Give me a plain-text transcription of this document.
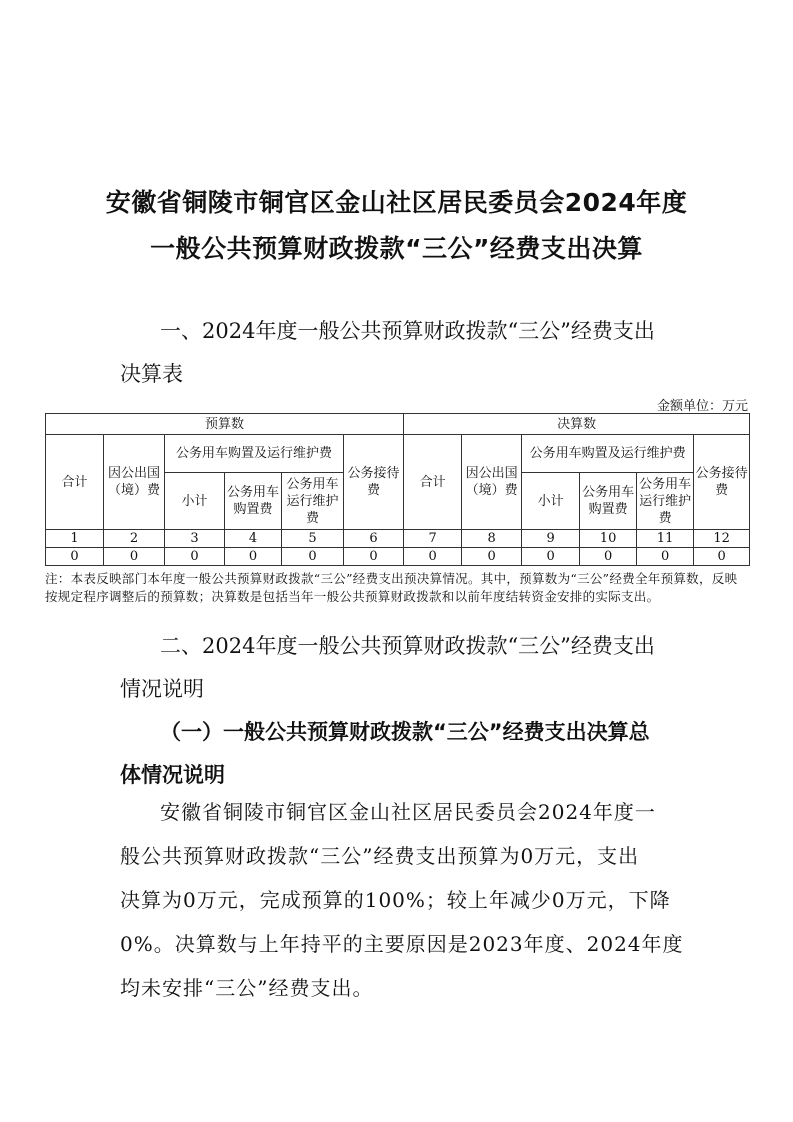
安徽省铜陵市铜官区金山社区居民委员会2024年度
一般公共预算财政拨款“三公”经费支出决算
一、2024年度一般公共预算财政拨款“三公”经费支出
决算表
金额单位：万元
预算数						决算数					
合计	因公出国（境）费	公务用车购置及运行维护费			公务接待费	合计	因公出国（境）费	公务用车购置及运行维护费			公务接待费
		小计	公务用车购置费	公务用车运行维护费				小计	公务用车购置费	公务用车运行维护费	
1	2	3	4	5	6	7	8	9	10	11	12
0	0	0	0	0	0	0	0	0	0	0	0
注：本表反映部门本年度一般公共预算财政拨款“三公”经费支出预决算情况。其中，预算数为“三公”经费全年预算数，反映按规定程序调整后的预算数；决算数是包括当年一般公共预算财政拨款和以前年度结转资金安排的实际支出。
二、2024年度一般公共预算财政拨款“三公”经费支出
情况说明
（一）一般公共预算财政拨款“三公”经费支出决算总
体情况说明
安徽省铜陵市铜官区金山社区居民委员会2024年度一
般公共预算财政拨款“三公”经费支出预算为0万元，支出
决算为0万元，完成预算的100%；较上年减少0万元，下降
0%。决算数与上年持平的主要原因是2023年度、2024年度
均未安排“三公”经费支出。
